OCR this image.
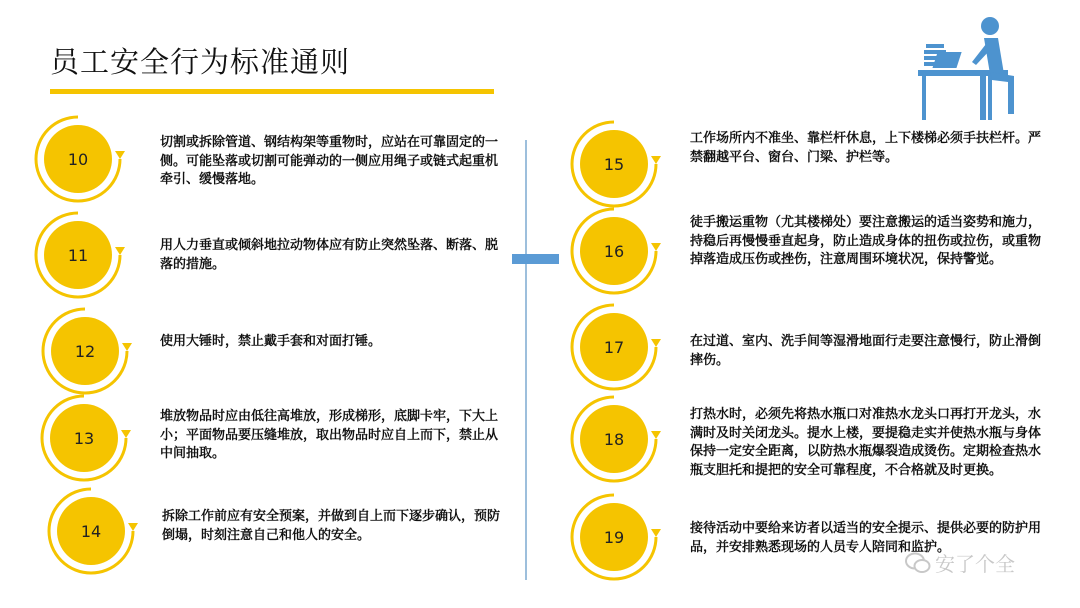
员工安全行为标准通则
10
切割或拆除管道、钢结构架等重物时，应站在可靠固定的一侧。可能坠落或切割可能弹动的一侧应用绳子或链式起重机牵引、缓慢落地。
11	用人力垂直或倾斜地拉动物体应有防止突然坠落、断落、脱落的措施。
12	使用大锤时，禁止戴手套和对面打锤。
13
堆放物品时应由低往高堆放，形成梯形，底脚卡牢，下大上小；平面物品要压缝堆放，取出物品时应自上而下，禁止从中间抽取。
14
拆除工作前应有安全预案，并做到自上而下逐步确认，预防倒塌，时刻注意自己和他人的安全。
15
工作场所内不准坐、靠栏杆休息，上下楼梯必须手扶栏杆。严禁翻越平台、窗台、门梁、护栏等。
16
徒手搬运重物（尤其楼梯处）要注意搬运的适当姿势和施力，持稳后再慢慢垂直起身，防止造成身体的扭伤或拉伤，或重物掉落造成压伤或挫伤，注意周围环境状况，保持警觉。
17	在过道、室内、洗手间等湿滑地面行走要注意慢行，防止滑倒摔伤。
18
打热水时，必须先将热水瓶口对准热水龙头口再打开龙头，水满时及时关闭龙头。提水上楼，要提稳走实并使热水瓶与身体保持一定安全距离，以防热水瓶爆裂造成烫伤。定期检查热水瓶支胆托和提把的安全可靠程度，不合格就及时更换。
19	接待活动中要给来访者以适当的安全提示、提供必要的防护用品，并安排熟悉现场的人员专人陪同和监护。
安了个全
